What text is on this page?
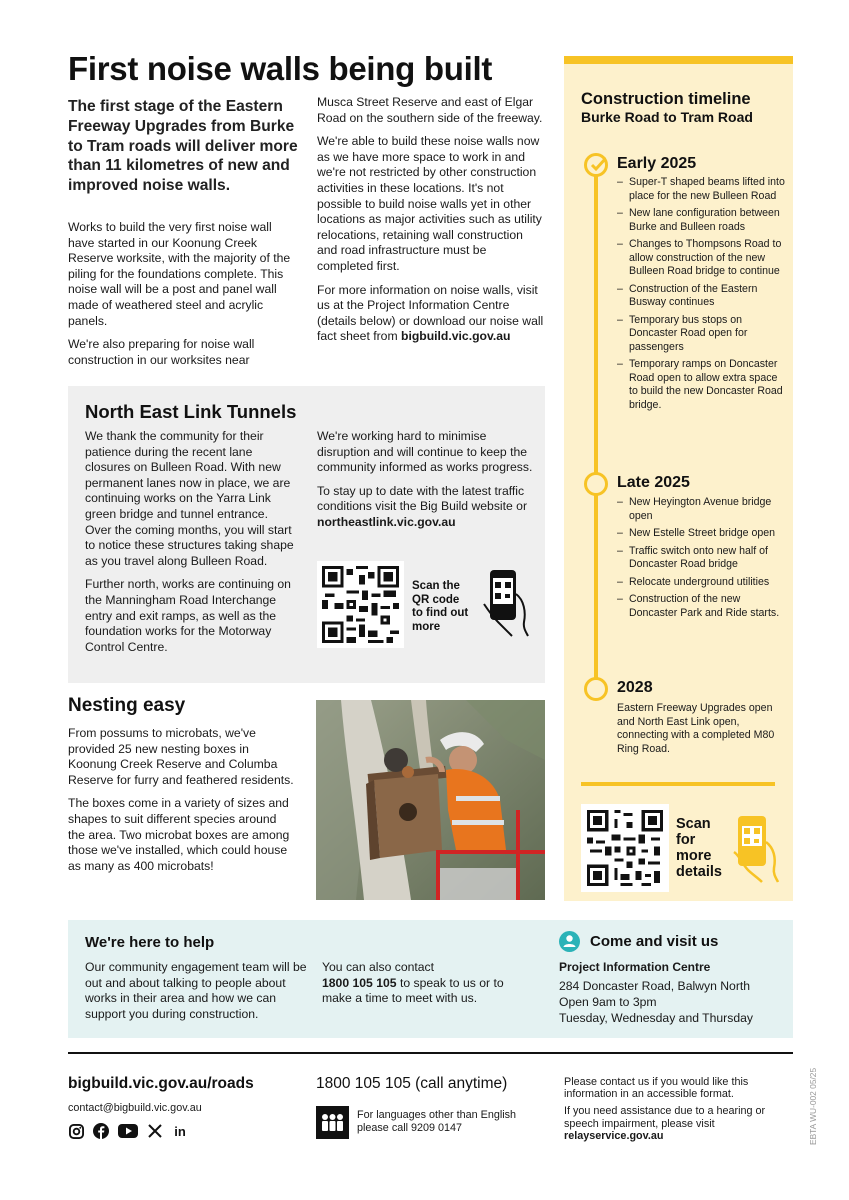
First noise walls being built
The first stage of the Eastern Freeway Upgrades from Burke to Tram roads will deliver more than 11 kilometres of new and improved noise walls.

Works to build the very first noise wall have started in our Koonung Creek Reserve worksite, with the majority of the piling for the foundations complete. This noise wall will be a post and panel wall made of weathered steel and acrylic panels.

We're also preparing for noise wall construction in our worksites near

Musca Street Reserve and east of Elgar Road on the southern side of the freeway.

We're able to build these noise walls now as we have more space to work in and we're not restricted by other construction activities in these locations. It's not possible to build noise walls yet in other locations as major activities such as utility relocations, retaining wall construction and road infrastructure must be completed first.

For more information on noise walls, visit us at the Project Information Centre (details below) or download our noise wall fact sheet from bigbuild.vic.gov.au

Construction timeline
Burke Road to Tram Road
Early 2025
– Super-T shaped beams lifted into place for the new Bulleen Road
– New lane configuration between Burke and Bulleen roads
– Changes to Thompsons Road to allow construction of the new Bulleen Road bridge to continue
– Construction of the Eastern Busway continues
– Temporary bus stops on Doncaster Road open for passengers
– Temporary ramps on Doncaster Road open to allow extra space to build the new Doncaster Road bridge.
Late 2025
– New Heyington Avenue bridge open
– New Estelle Street bridge open
– Traffic switch onto new half of Doncaster Road bridge
– Relocate underground utilities
– Construction of the new Doncaster Park and Ride starts.
2028
Eastern Freeway Upgrades open and North East Link open, connecting with a completed M80 Ring Road.
Scan
for
more
details
North East Link Tunnels

We thank the community for their patience during the recent lane closures on Bulleen Road. With new permanent lanes now in place, we are continuing works on the Yarra Link green bridge and tunnel entrance. Over the coming months, you will start to notice these structures taking shape as you travel along Bulleen Road.

Further north, works are continuing on the Manningham Road Interchange entry and exit ramps, as well as the foundation works for the Motorway Control Centre.

We're working hard to minimise disruption and will continue to keep the community informed as works progress.

To stay up to date with the latest traffic conditions visit the Big Build website or northeastlink.vic.gov.au

Scan the
QR code
to find out
more
Nesting easy

From possums to microbats, we've provided 25 new nesting boxes in Koonung Creek Reserve and Columba Reserve for furry and feathered residents.

The boxes come in a variety of sizes and shapes to suit different species around the area. Two microbat boxes are among those we've installed, which could house as many as 400 microbats!

We're here to help

Our community engagement team will be out and about talking to people about works in their area and how we can support you during construction.

You can also contact
1800 105 105 to speak to us or to make a time to meet with us.

Come and visit us
Project Information Centre
284 Doncaster Road, Balwyn North
Open 9am to 3pm
Tuesday, Wednesday and Thursday
bigbuild.vic.gov.au/roads
contact@bigbuild.vic.gov.au
in
1800 105 105 (call anytime)
For languages other than English please call 9209 0147

Please contact us if you would like this information in an accessible format.

If you need assistance due to a hearing or speech impairment, please visit relayservice.gov.au	EBTA WU-002 05/25
